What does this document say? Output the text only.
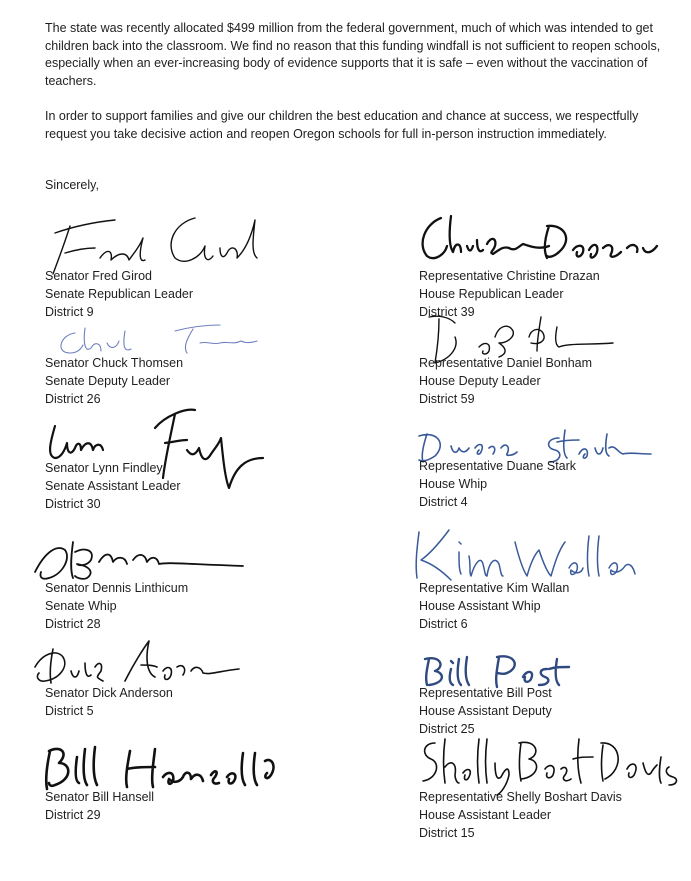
The state was recently allocated $499 million from the federal government, much of which was intended to get children back into the classroom. We find no reason that this funding windfall is not sufficient to reopen schools, especially when an ever-increasing body of evidence supports that it is safe – even without the vaccination of teachers.

In order to support families and give our children the best education and chance at success, we respectfully request you take decisive action and reopen Oregon schools for full in-person instruction immediately.

Sincerely,

Senator Fred Girod

Senate Republican Leader

District 9

Senator Chuck Thomsen

Senate Deputy Leader

District 26

Senator Lynn Findley

Senate Assistant Leader

District 30

Senator Dennis Linthicum

Senate Whip

District 28

Senator Dick Anderson

District 5

Senator Bill Hansell

District 29

Representative Christine Drazan

House Republican Leader

District 39

Representative Daniel Bonham

House Deputy Leader

District 59

Representative Duane Stark

House Whip

District 4

Representative Kim Wallan

House Assistant Whip

District 6

Representative Bill Post

House Assistant Deputy

District 25

Representative Shelly Boshart Davis

House Assistant Leader

District 15
